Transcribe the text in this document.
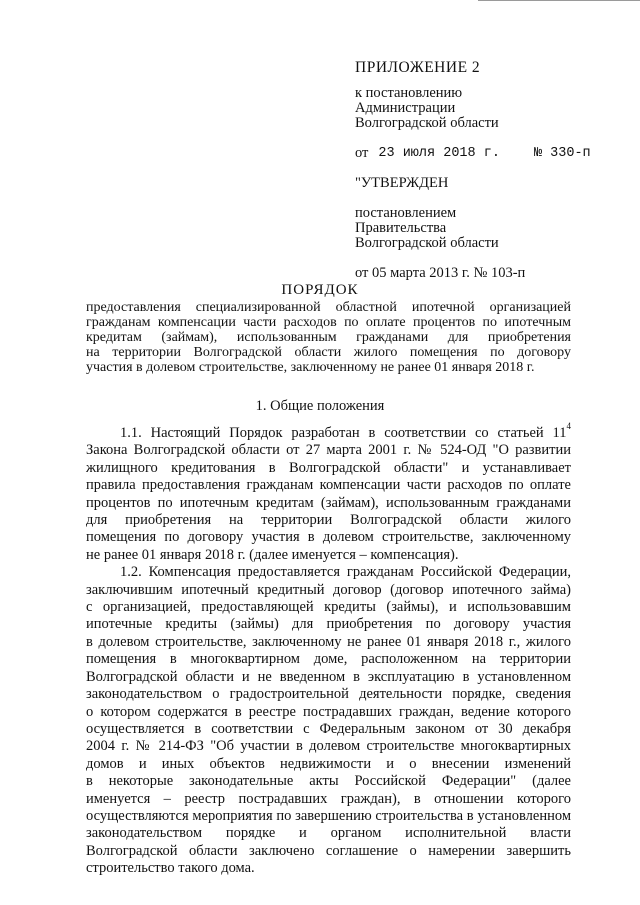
ПРИЛОЖЕНИЕ 2
к постановлению
Администрации
Волгоградской области
от 23 июля 2018 г.	№ 330-п
"УТВЕРЖДЕН
постановлением
Правительства
Волгоградской области
от 05 марта 2013 г. № 103-п
ПОРЯДОК
предоставления специализированной областной ипотечной организацией
гражданам компенсации части расходов по оплате процентов по ипотечным
кредитам (займам), использованным гражданами для приобретения
на территории Волгоградской области жилого помещения по договору
участия в долевом строительстве, заключенному не ранее 01 января 2018 г.
1. Общие положения
1.1. Настоящий Порядок разработан в соответствии со статьей $11^4$
Закона Волгоградской области от 27 марта 2001 г. № 524-ОД "О развитии
жилищного кредитования в Волгоградской области" и устанавливает
правила предоставления гражданам компенсации части расходов по оплате
процентов по ипотечным кредитам (займам), использованным гражданами
для приобретения на территории Волгоградской области жилого
помещения по договору участия в долевом строительстве, заключенному
не ранее 01 января 2018 г. (далее именуется – компенсация).
1.2. Компенсация предоставляется гражданам Российской Федерации,
заключившим ипотечный кредитный договор (договор ипотечного займа)
с организацией, предоставляющей кредиты (займы), и использовавшим
ипотечные кредиты (займы) для приобретения по договору участия
в долевом строительстве, заключенному не ранее 01 января 2018 г., жилого
помещения в многоквартирном доме, расположенном на территории
Волгоградской области и не введенном в эксплуатацию в установленном
законодательством о градостроительной деятельности порядке, сведения
о котором содержатся в реестре пострадавших граждан, ведение которого
осуществляется в соответствии с Федеральным законом от 30 декабря
2004 г. № 214-ФЗ "Об участии в долевом строительстве многоквартирных
домов и иных объектов недвижимости и о внесении изменений
в некоторые законодательные акты Российской Федерации" (далее
именуется – реестр пострадавших граждан), в отношении которого
осуществляются мероприятия по завершению строительства в установленном
законодательством порядке и органом исполнительной власти
Волгоградской области заключено соглашение о намерении завершить
строительство такого дома.
